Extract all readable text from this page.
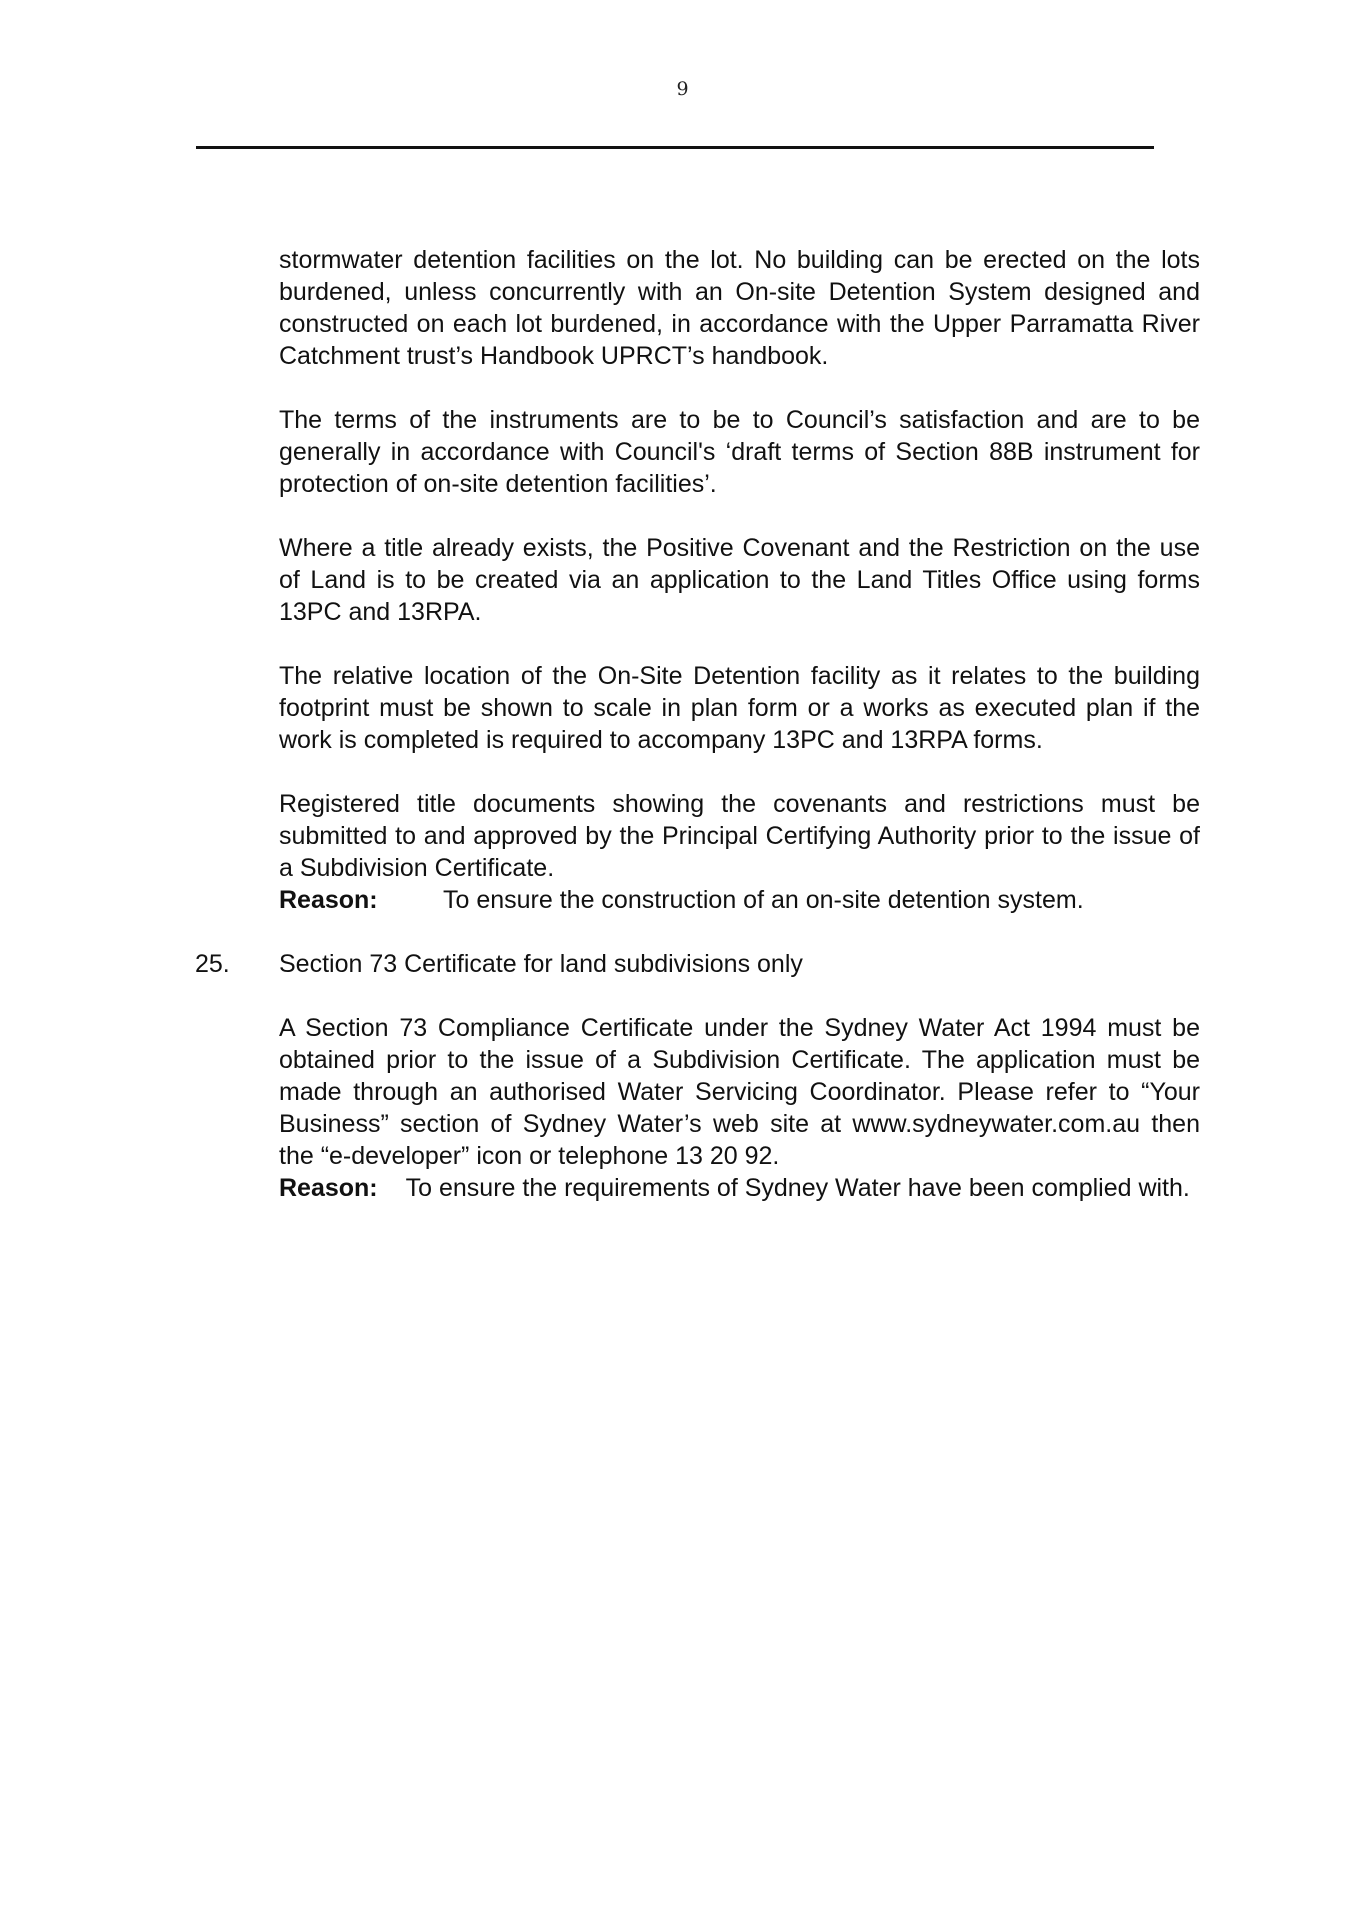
9

stormwater detention facilities on the lot. No building can be erected on the lots burdened, unless concurrently with an On-site Detention System designed and constructed on each lot burdened, in accordance with the Upper Parramatta River Catchment trust’s Handbook UPRCT’s handbook.

The terms of the instruments are to be to Council’s satisfaction and are to be generally in accordance with Council's ‘draft terms of Section 88B instrument for protection of on-site detention facilities’.

Where a title already exists, the Positive Covenant and the Restriction on the use of Land is to be created via an application to the Land Titles Office using forms 13PC and 13RPA.

The relative location of the On-Site Detention facility as it relates to the building footprint must be shown to scale in plan form or a works as executed plan if the work is completed is required to accompany 13PC and 13RPA forms.

Registered title documents showing the covenants and restrictions must be submitted to and approved by the Principal Certifying Authority prior to the issue of a Subdivision Certificate.

Reason:	To ensure the construction of an on-site detention system.

25. Section 73 Certificate for land subdivisions only

A Section 73 Compliance Certificate under the Sydney Water Act 1994 must be obtained prior to the issue of a Subdivision Certificate. The application must be made through an authorised Water Servicing Coordinator. Please refer to “Your Business” section of Sydney Water’s web site at www.sydneywater.com.au then the “e-developer” icon or telephone 13 20 92.

Reason: To ensure the requirements of Sydney Water have been complied with.
